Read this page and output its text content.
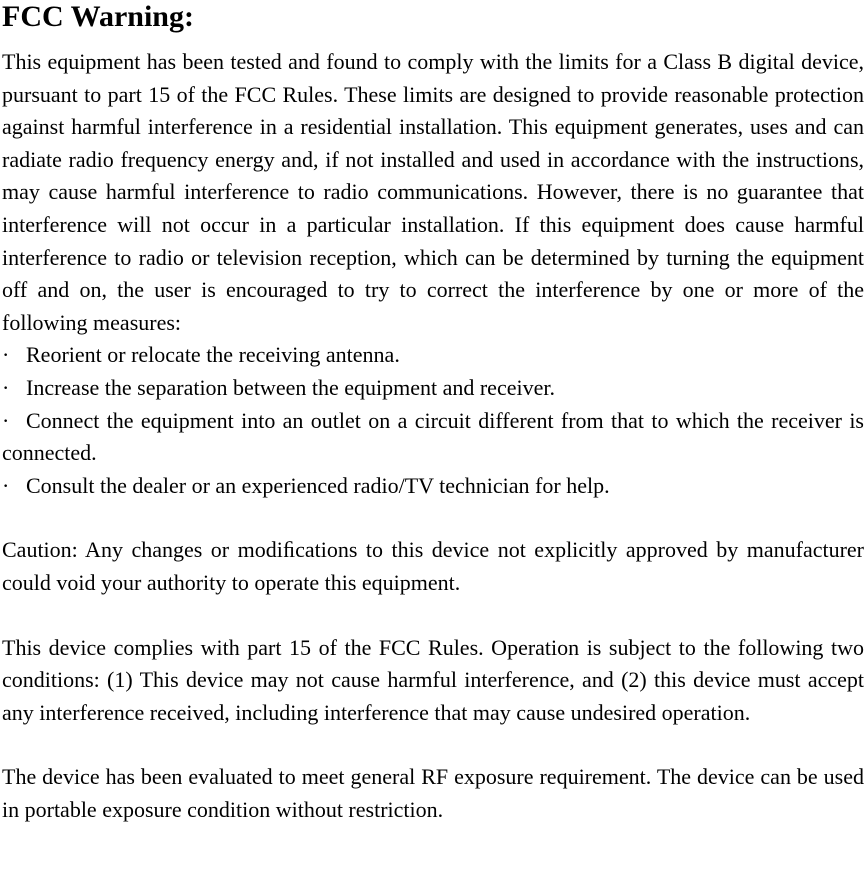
FCC Warning:

This equipment has been tested and found to comply with the limits for a Class B digital device, pursuant to part 15 of the FCC Rules. These limits are designed to provide reasonable protection against harmful interference in a residential installation. This equipment generates, uses and can radiate radio frequency energy and, if not installed and used in accordance with the instructions, may cause harmful interference to radio communications. However, there is no guarantee that interference will not occur in a particular installation. If this equipment does cause harmful interference to radio or television reception, which can be determined by turning the equipment off and on, the user is encouraged to try to correct the interference by one or more of the following measures:

· Reorient or relocate the receiving antenna.

· Increase the separation between the equipment and receiver.

· Connect the equipment into an outlet on a circuit different from that to which the receiver is connected.

· Consult the dealer or an experienced radio/TV technician for help.

Caution: Any changes or modiﬁcations to this device not explicitly approved by manufacturer could void your authority to operate this equipment.

This device complies with part 15 of the FCC Rules. Operation is subject to the following two conditions: (1) This device may not cause harmful interference, and (2) this device must accept any interference received, including interference that may cause undesired operation.

The device has been evaluated to meet general RF exposure requirement. The device can be used in portable exposure condition without restriction.
